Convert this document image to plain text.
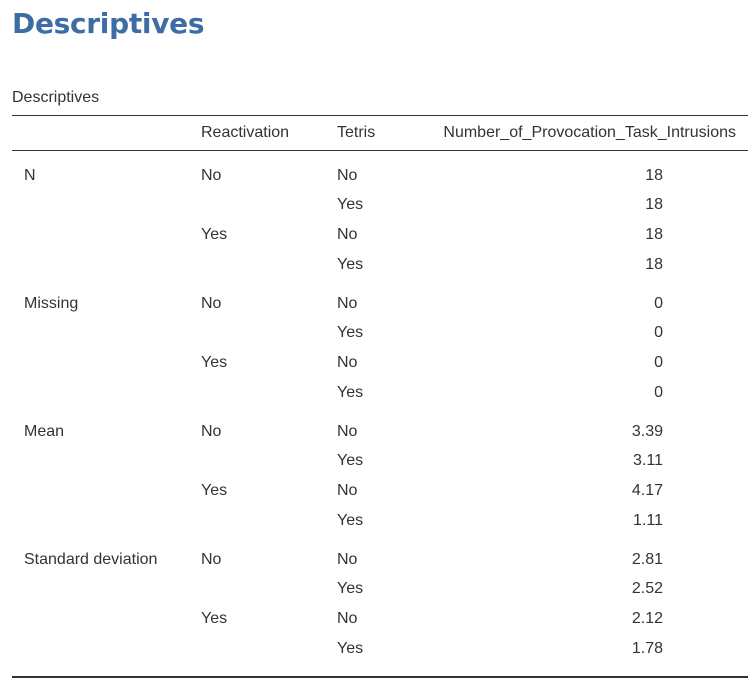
Descriptives
Descriptives
	Reactivation	Tetris	Number_of_Provocation_Task_Intrusions
N	No	No	18
		Yes	18
	Yes	No	18
		Yes	18
Missing	No	No	0
		Yes	0
	Yes	No	0
		Yes	0
Mean	No	No	3.39
		Yes	3.11
	Yes	No	4.17
		Yes	1.11
Standard deviation	No	No	2.81
		Yes	2.52
	Yes	No	2.12
		Yes	1.78
